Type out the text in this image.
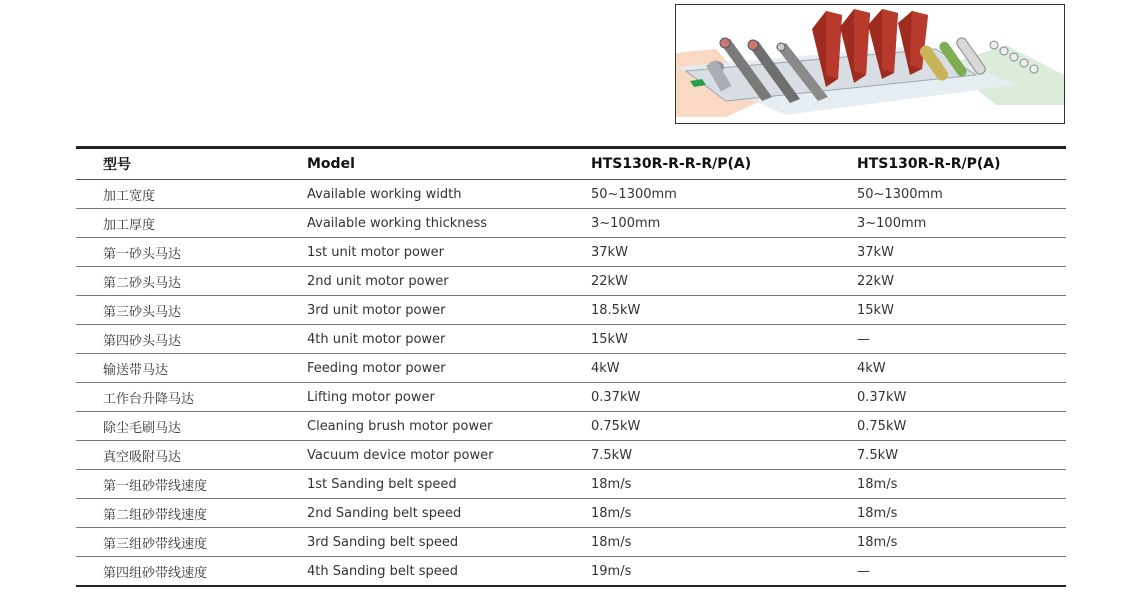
型号	Model	HTS130R-R-R-R/P(A)	HTS130R-R-R/P(A)
加工宽度	Available working width	50~1300mm	50~1300mm
加工厚度	Available working thickness	3~100mm	3~100mm
第一砂头马达	1st unit motor power	37kW	37kW
第二砂头马达	2nd unit motor power	22kW	22kW
第三砂头马达	3rd unit motor power	18.5kW	15kW
第四砂头马达	4th unit motor power	15kW	—
输送带马达	Feeding motor power	4kW	4kW
工作台升降马达	Lifting motor power	0.37kW	0.37kW
除尘毛刷马达	Cleaning brush motor power	0.75kW	0.75kW
真空吸附马达	Vacuum device motor power	7.5kW	7.5kW
第一组砂带线速度	1st Sanding belt speed	18m/s	18m/s
第二组砂带线速度	2nd Sanding belt speed	18m/s	18m/s
第三组砂带线速度	3rd Sanding belt speed	18m/s	18m/s
第四组砂带线速度	4th Sanding belt speed	19m/s	—
